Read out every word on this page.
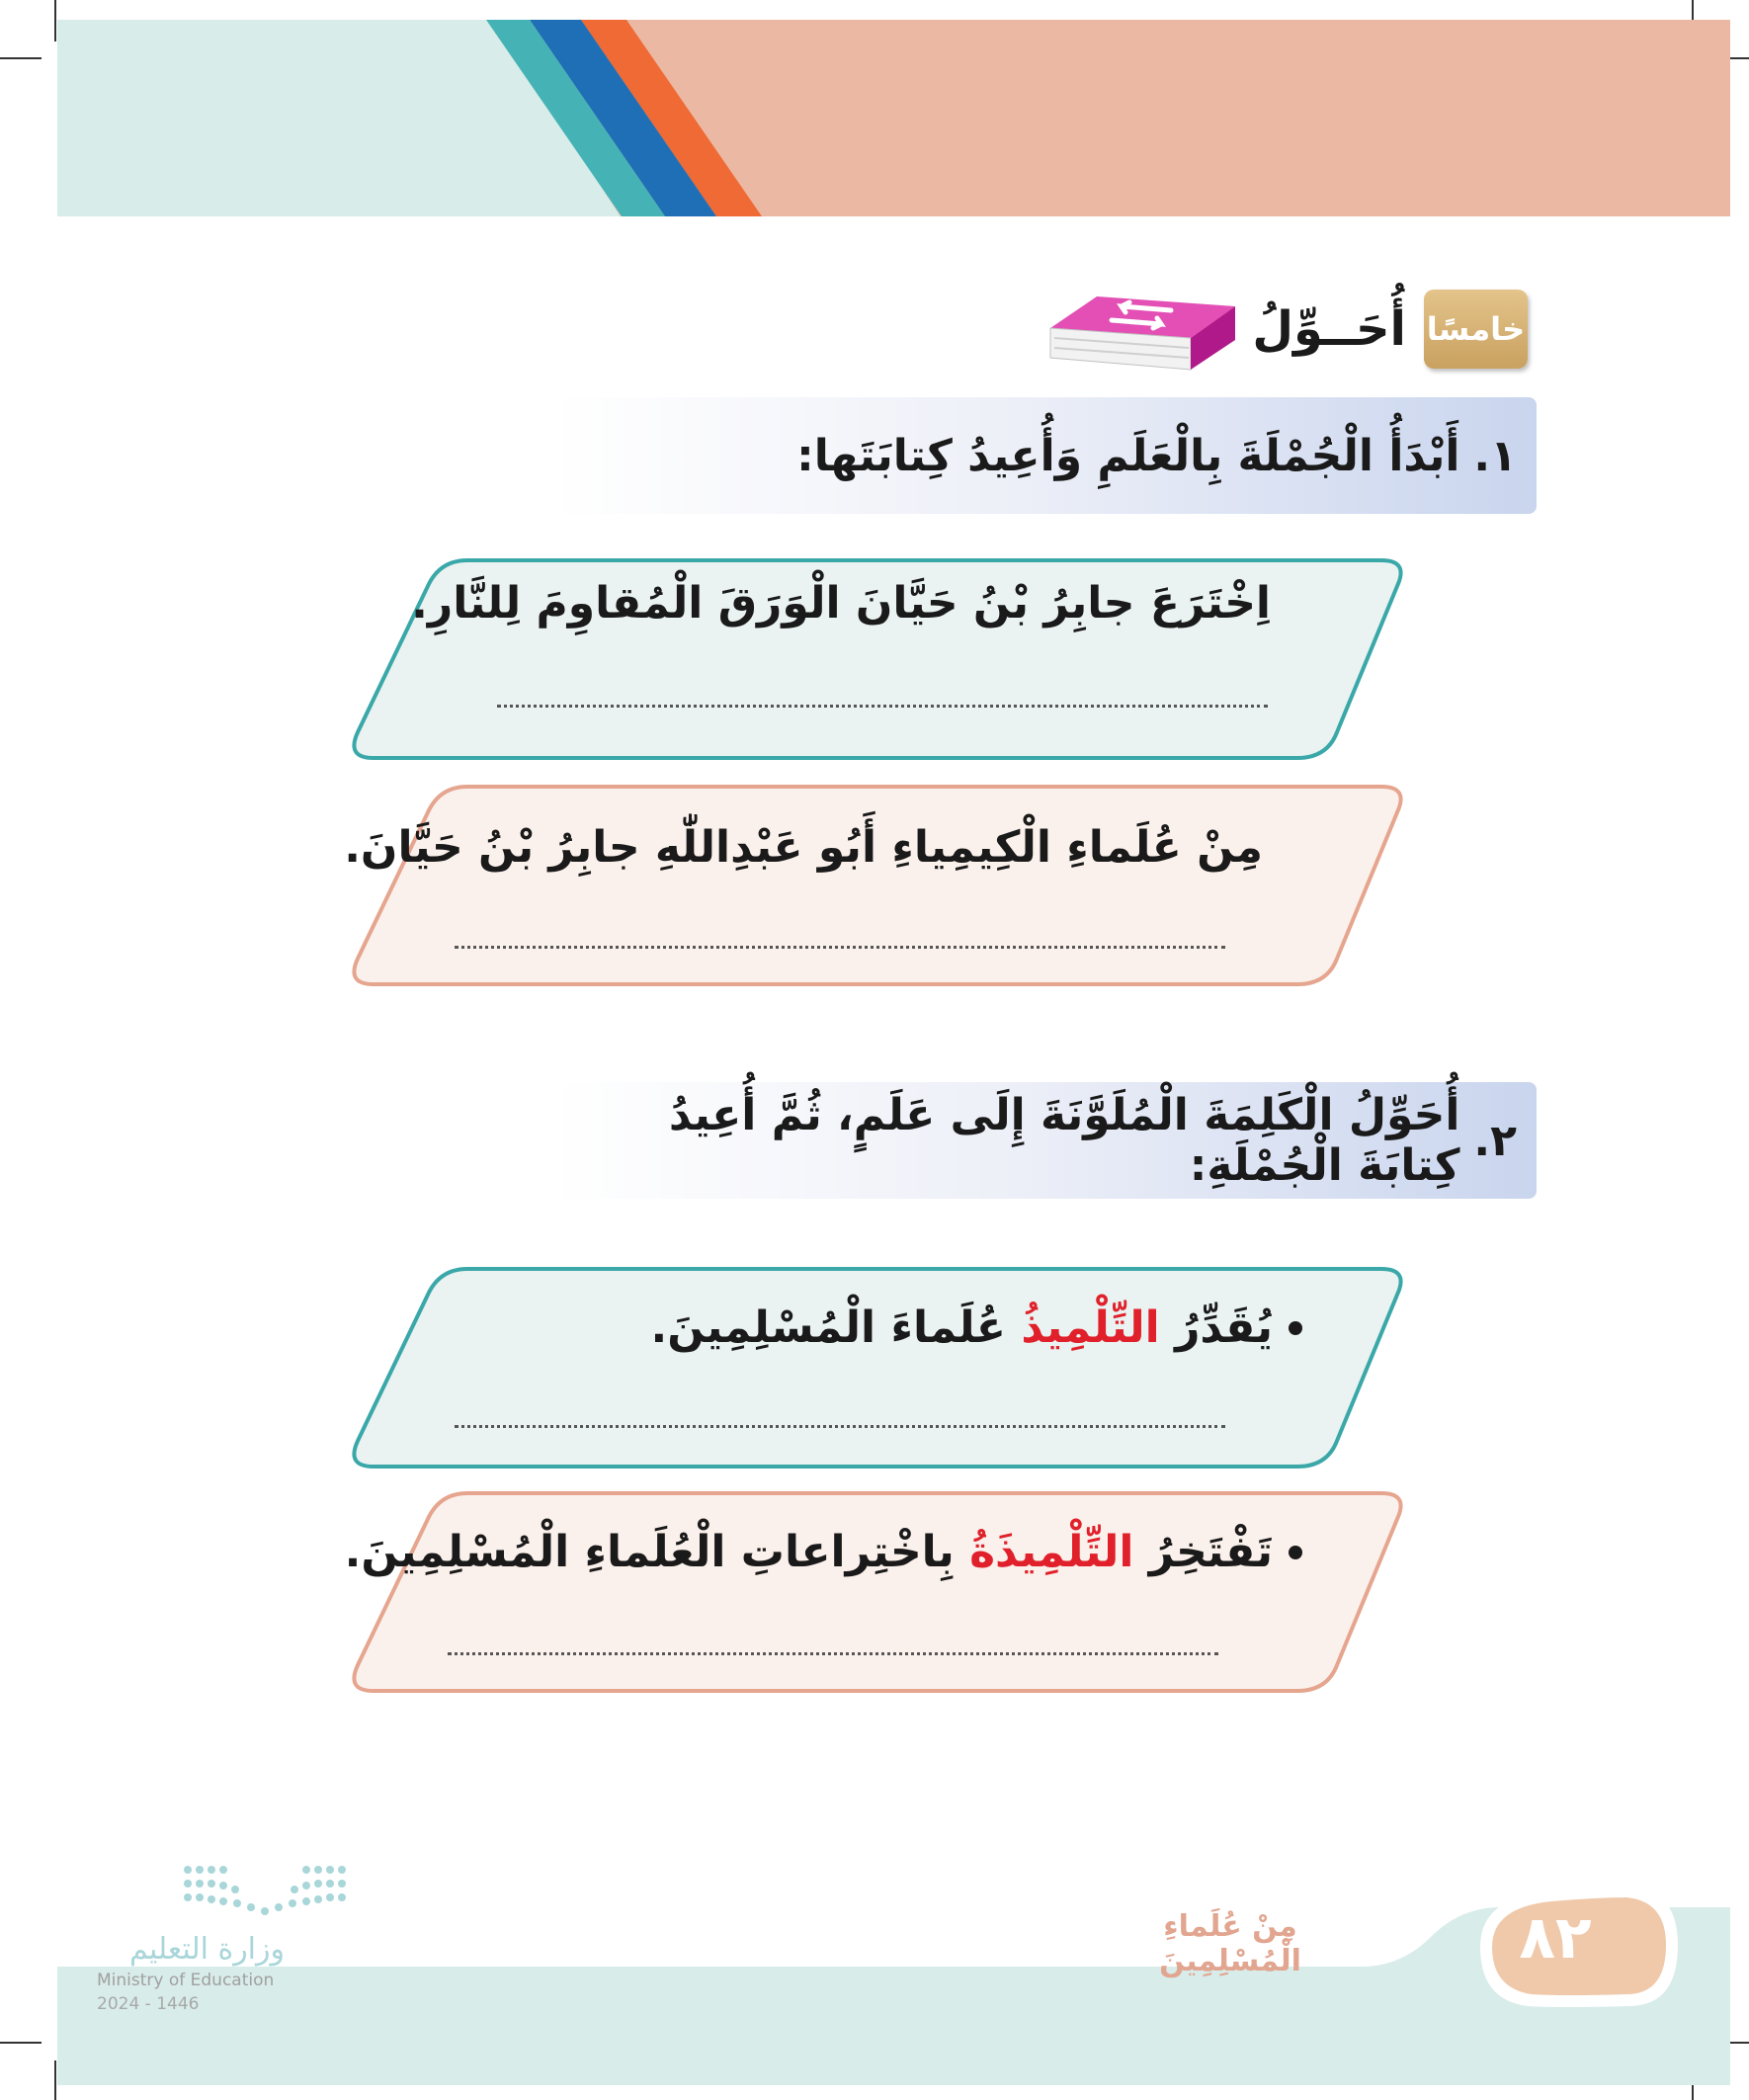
خامسًا
أُحَــوِّلُ
١.
أَبْدَأُ الْجُمْلَةَ بِالْعَلَمِ وَأُعِيدُ كِتابَتَها:
اِخْتَرَعَ جابِرُ بْنُ حَيَّانَ الْوَرَقَ الْمُقاوِمَ لِلنَّارِ.
مِنْ عُلَماءِ الْكِيمِياءِ أَبُو عَبْدِاللّٰهِ جابِرُ بْنُ حَيَّانَ.
٢.
أُحَوِّلُ الْكَلِمَةَ الْمُلَوَّنَةَ إِلَى عَلَمٍ، ثُمَّ أُعِيدُ كِتابَةَ الْجُمْلَةِ:
يُقَدِّرُ

التِّلْمِيذُ

عُلَماءَ الْمُسْلِمِينَ.
تَفْتَخِرُ

التِّلْمِيذَةُ

بِاخْتِراعاتِ الْعُلَماءِ الْمُسْلِمِينَ.
مِنْ عُلَماءِ الْمُسْلِمِينَ	٨٢
وزارة التعليم
Ministry of Education
2024 - 1446
